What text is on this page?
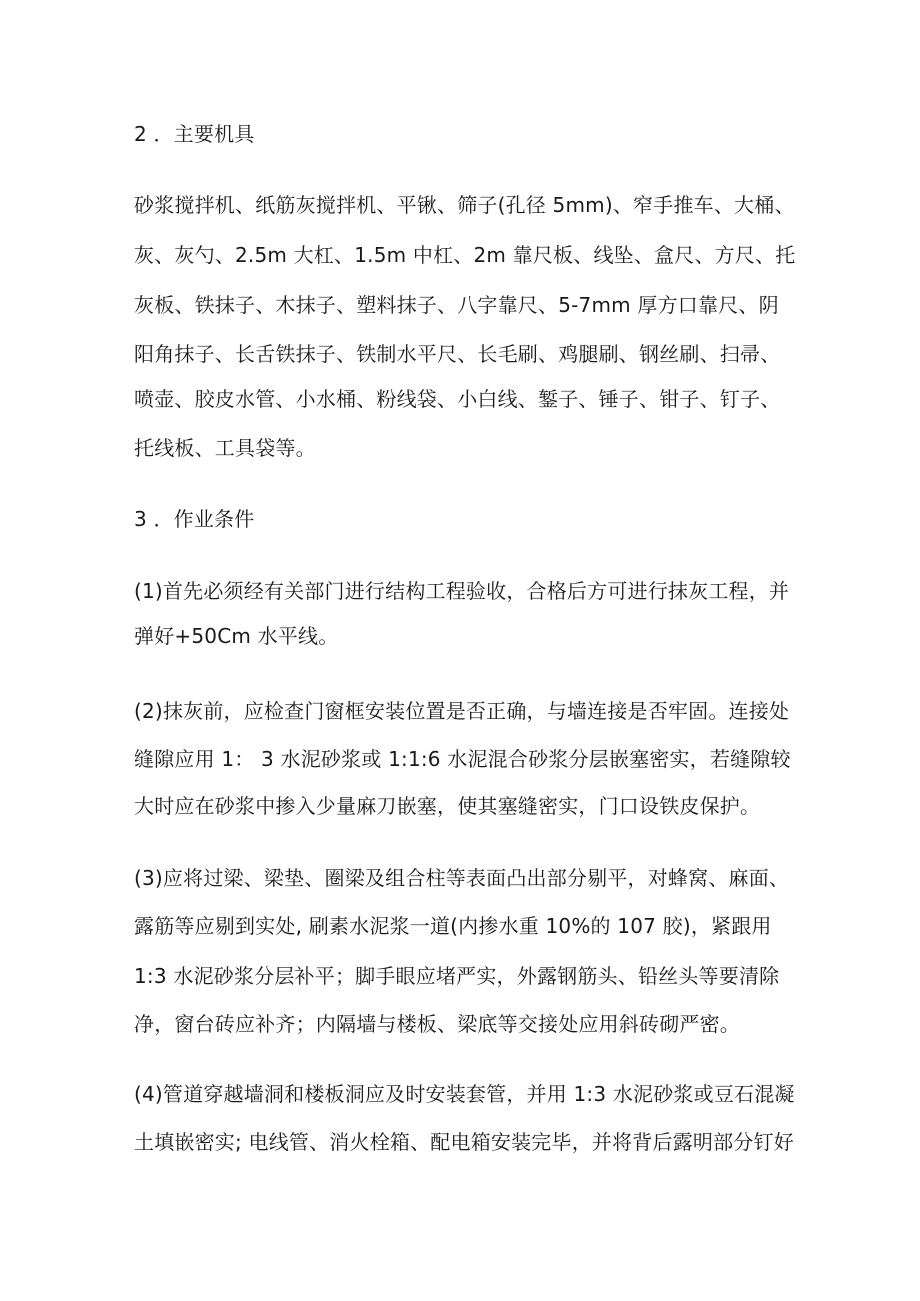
2 ．主要机具
砂浆搅拌机、纸筋灰搅拌机、平锹、筛子(孔径 5mm)、窄手推车、大桶、
灰、灰勺、2.5m 大杠、1.5m 中杠、2m 靠尺板、线坠、盒尺、方尺、托
灰板、铁抹子、木抹子、塑料抹子、八字靠尺、5-7mm 厚方口靠尺、阴
阳角抹子、长舌铁抹子、铁制水平尺、长毛刷、鸡腿刷、钢丝刷、扫帚、
喷壶、胶皮水管、小水桶、粉线袋、小白线、錾子、锤子、钳子、钉子、
托线板、工具袋等。
3 ．作业条件
(1)首先必须经有关部门进行结构工程验收，合格后方可进行抹灰工程，并
弹好+50Cm 水平线。
(2)抹灰前，应检查门窗框安装位置是否正确，与墙连接是否牢固。连接处
缝隙应用 1： 3 水泥砂浆或 1:1:6 水泥混合砂浆分层嵌塞密实，若缝隙较
大时应在砂浆中掺入少量麻刀嵌塞，使其塞缝密实，门口设铁皮保护。
(3)应将过梁、梁垫、圈梁及组合柱等表面凸出部分剔平，对蜂窝、麻面、
露筋等应剔到实处, 刷素水泥浆一道(内掺水重 10%的 107 胶)，紧跟用
1:3 水泥砂浆分层补平；脚手眼应堵严实，外露钢筋头、铅丝头等要清除
净，窗台砖应补齐；内隔墙与楼板、梁底等交接处应用斜砖砌严密。
(4)管道穿越墙洞和楼板洞应及时安装套管，并用 1:3 水泥砂浆或豆石混凝
土填嵌密实; 电线管、消火栓箱、配电箱安装完毕，并将背后露明部分钉好
